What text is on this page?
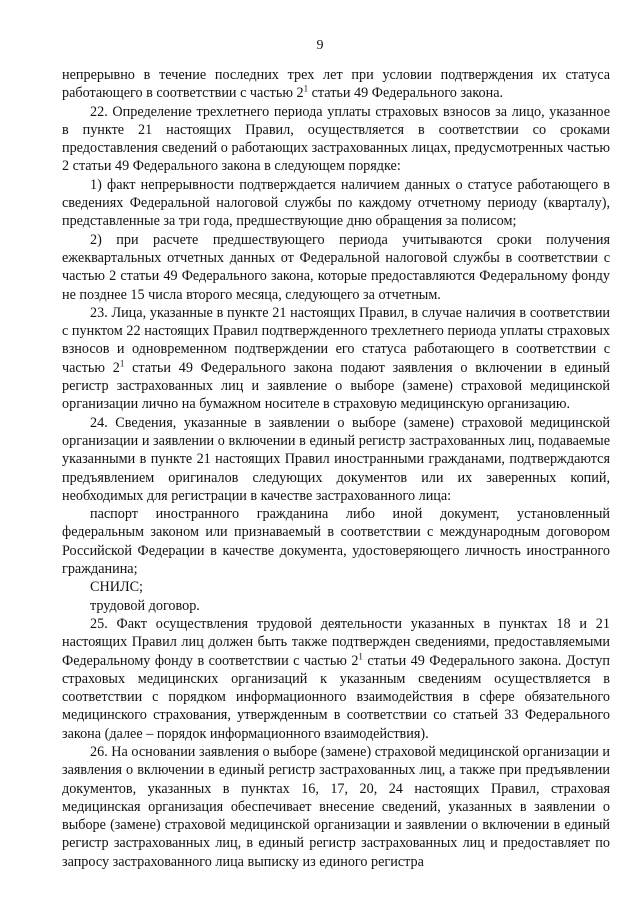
9

непрерывно в течение последних трех лет при условии подтверждения их статуса работающего в соответствии с частью $2^1$ статьи 49 Федерального закона.

22. Определение трехлетнего периода уплаты страховых взносов за лицо, указанное в пункте 21 настоящих Правил, осуществляется в соответствии со сроками предоставления сведений о работающих застрахованных лицах, предусмотренных частью 2 статьи 49 Федерального закона в следующем порядке:

1) факт непрерывности подтверждается наличием данных о статусе работающего в сведениях Федеральной налоговой службы по каждому отчетному периоду (кварталу), представленные за три года, предшествующие дню обращения за полисом;

2) при расчете предшествующего периода учитываются сроки получения ежеквартальных отчетных данных от Федеральной налоговой службы в соответствии с частью 2 статьи 49 Федерального закона, которые предоставляются Федеральному фонду не позднее 15 числа второго месяца, следующего за отчетным.

23. Лица, указанные в пункте 21 настоящих Правил, в случае наличия в соответствии с пунктом 22 настоящих Правил подтвержденного трехлетнего периода уплаты страховых взносов и одновременном подтверждении его статуса работающего в соответствии с частью $2^1$ статьи 49 Федерального закона подают заявления о включении в единый регистр застрахованных лиц и заявление о выборе (замене) страховой медицинской организации лично на бумажном носителе в страховую медицинскую организацию.

24. Сведения, указанные в заявлении о выборе (замене) страховой медицинской организации и заявлении о включении в единый регистр застрахованных лиц, подаваемые указанными в пункте 21 настоящих Правил иностранными гражданами, подтверждаются предъявлением оригиналов следующих документов или их заверенных копий, необходимых для регистрации в качестве застрахованного лица:

паспорт иностранного гражданина либо иной документ, установленный федеральным законом или признаваемый в соответствии с международным договором Российской Федерации в качестве документа, удостоверяющего личность иностранного гражданина;

СНИЛС;

трудовой договор.

25. Факт осуществления трудовой деятельности указанных в пунктах 18 и 21 настоящих Правил лиц должен быть также подтвержден сведениями, предоставляемыми Федеральному фонду в соответствии с частью $2^1$ статьи 49 Федерального закона. Доступ страховых медицинских организаций к указанным сведениям осуществляется в соответствии с порядком информационного взаимодействия в сфере обязательного медицинского страхования, утвержденным в соответствии со статьей 33 Федерального закона (далее – порядок информационного взаимодействия).

26. На основании заявления о выборе (замене) страховой медицинской организации и заявления о включении в единый регистр застрахованных лиц, а также при предъявлении документов, указанных в пунктах 16, 17, 20, 24 настоящих Правил, страховая медицинская организация обеспечивает внесение сведений, указанных в заявлении о выборе (замене) страховой медицинской организации и заявлении о включении в единый регистр застрахованных лиц, в единый регистр застрахованных лиц и предоставляет по запросу застрахованного лица выписку из единого регистра
